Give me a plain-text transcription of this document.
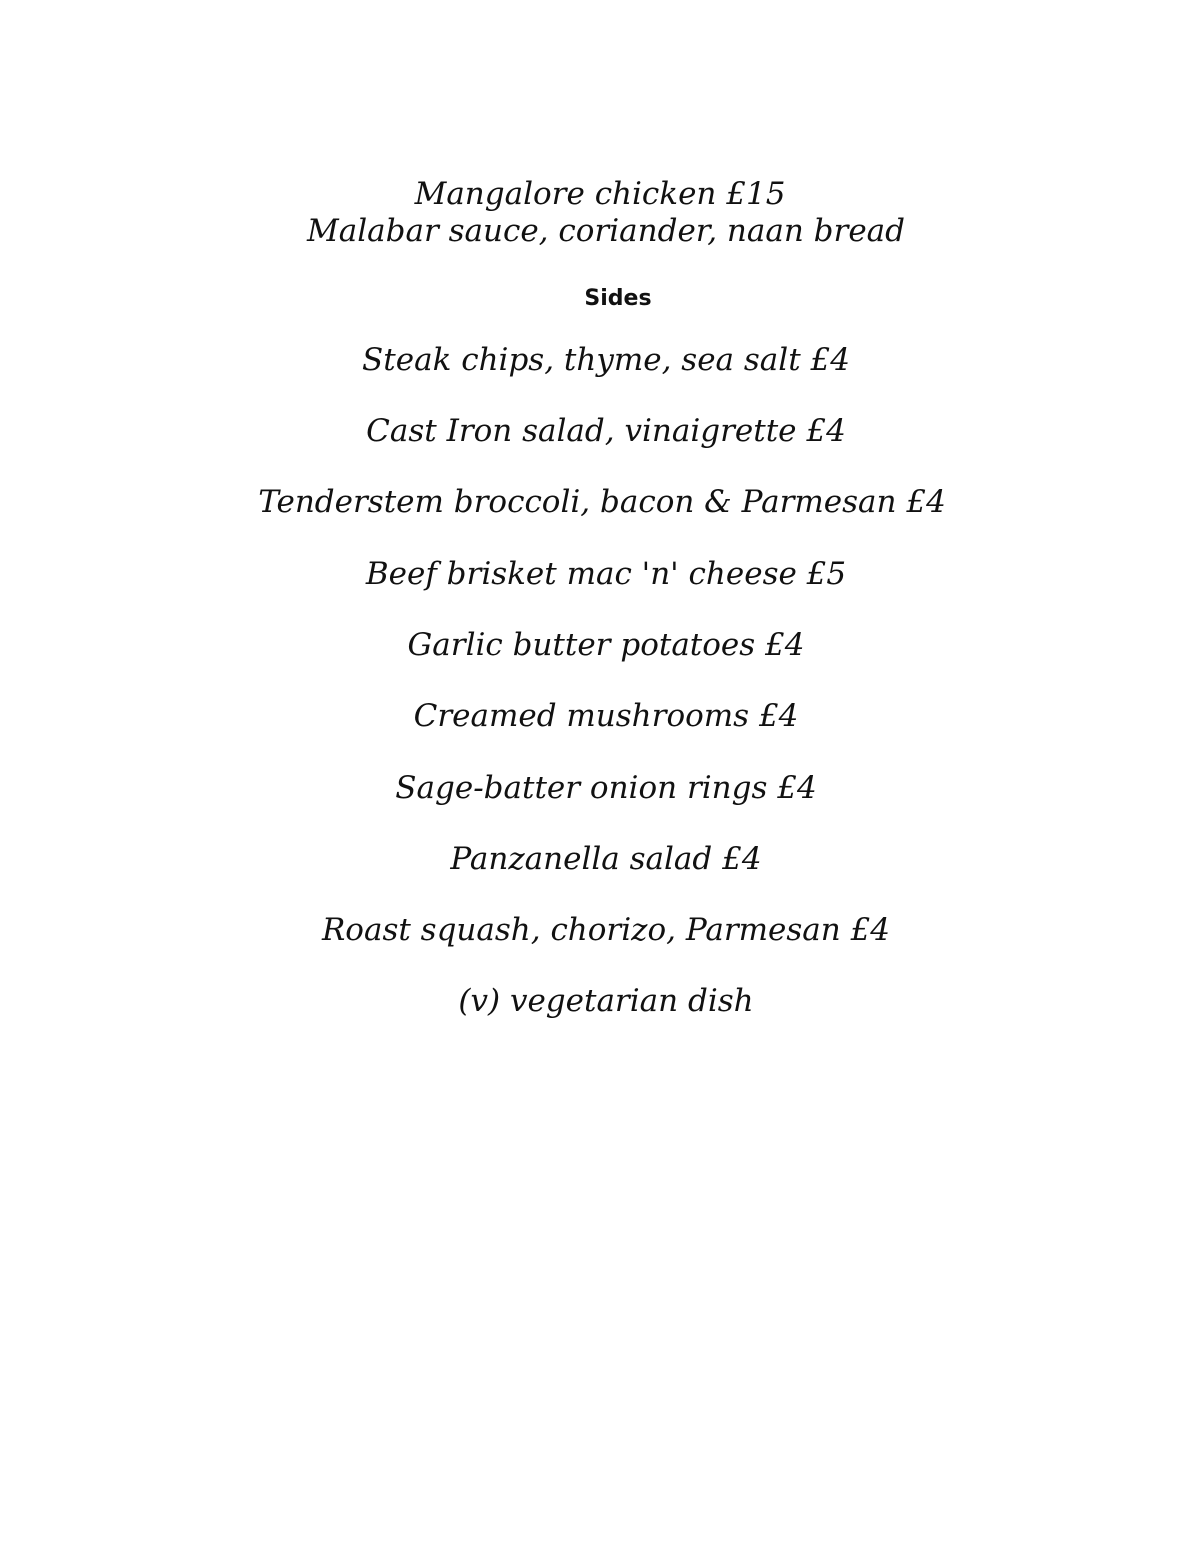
Mangalore chicken £15
Malabar sauce, coriander, naan bread
Sides
Steak chips, thyme, sea salt £4
Cast Iron salad, vinaigrette £4
Tenderstem broccoli, bacon & Parmesan £4
Beef brisket mac 'n' cheese £5
Garlic butter potatoes £4
Creamed mushrooms £4
Sage-batter onion rings £4
Panzanella salad £4
Roast squash, chorizo, Parmesan £4
(v) vegetarian dish
